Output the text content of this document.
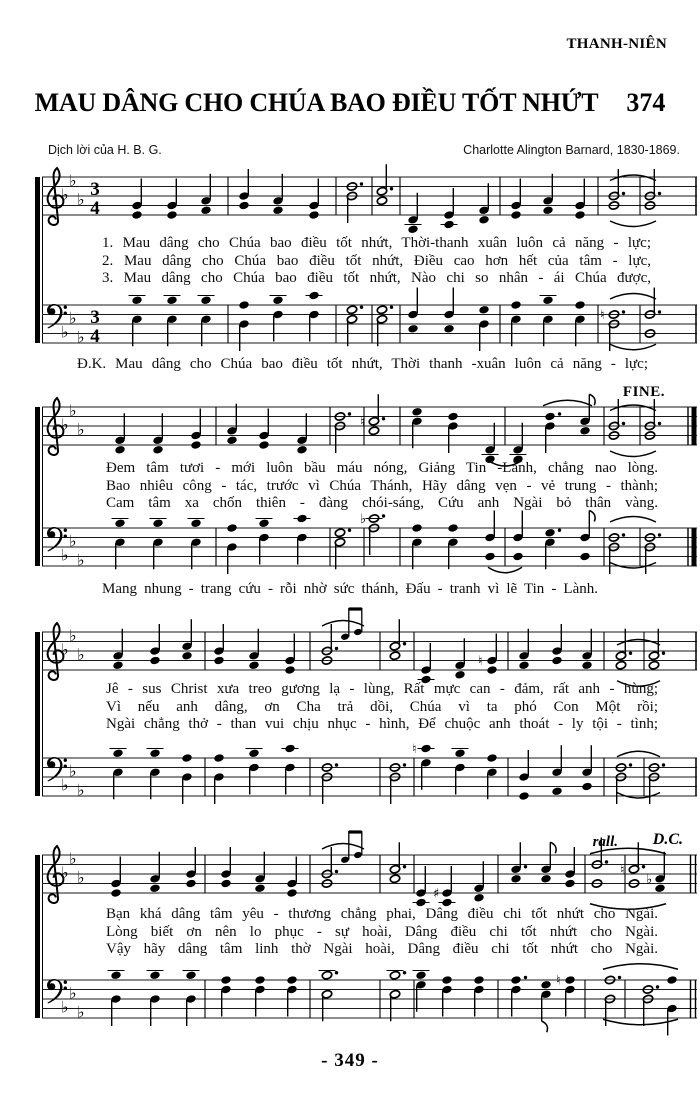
THANH-NIÊN
MAU DÂNG CHO CHÚA BAO ĐIỀU TỐT NHỨT 374
Dịch lời của H. B. G.	Charlotte Alington Barnard, 1830-1869.
♭
♭
♭ 3
4
♭
♭
♭
3
4
♮
♭
♭
♭	♮
♭
♭
♭
♭
♭
♭
♭	♮
♭
♭
♭
♮
♭
♭
♭
♯
♮
♭
♭
♭
♭
♮
1. Mau dâng cho Chúa bao điều tốt nhứt, Thời-thanh xuân luôn cả năng - lực;
2. Mau dâng cho Chúa bao điều tốt nhứt, Điều cao hơn hết của tâm - lực,
3. Mau dâng cho Chúa bao điều tốt nhứt, Nào chi so nhân - ái Chúa được,
Đ.K. Mau dâng cho Chúa bao điều tốt nhứt, Thời thanh -xuân luôn cả năng - lực;
Đem tâm tươi - mới luôn bầu máu nóng, Giảng Tin -Lành, chẳng nao lòng.
Bao nhiêu công - tác, trước vì Chúa Thánh, Hãy dâng vẹn - vẻ trung - thành;
Cam tâm xa chốn thiên - đàng chói-sáng, Cứu anh Ngài bỏ thân vàng.
Mang nhung - trang cứu - rỗi nhờ sức thánh, Đấu - tranh vì lẽ Tin - Lành.
Jê - sus Christ xưa treo gương lạ - lùng, Rất mực can - đảm, rất anh - hùng;
Vì nếu anh dâng, ơn Cha trả dồi, Chúa vì ta phó Con Một rồi;
Ngài chẳng thở - than vui chịu nhục - hình, Để chuộc anh thoát - ly tội - tình;
Bạn khá dâng tâm yêu - thương chẳng phai, Dâng điều chi tốt nhứt cho Ngài.
Lòng biết ơn nên lo phục - sự hoài, Dâng điều chi tốt nhứt cho Ngài.
Vậy hãy dâng tâm linh thờ Ngài hoài, Dâng điều chi tốt nhứt cho Ngài.
FINE.
rall. D.C.
- 349 -
